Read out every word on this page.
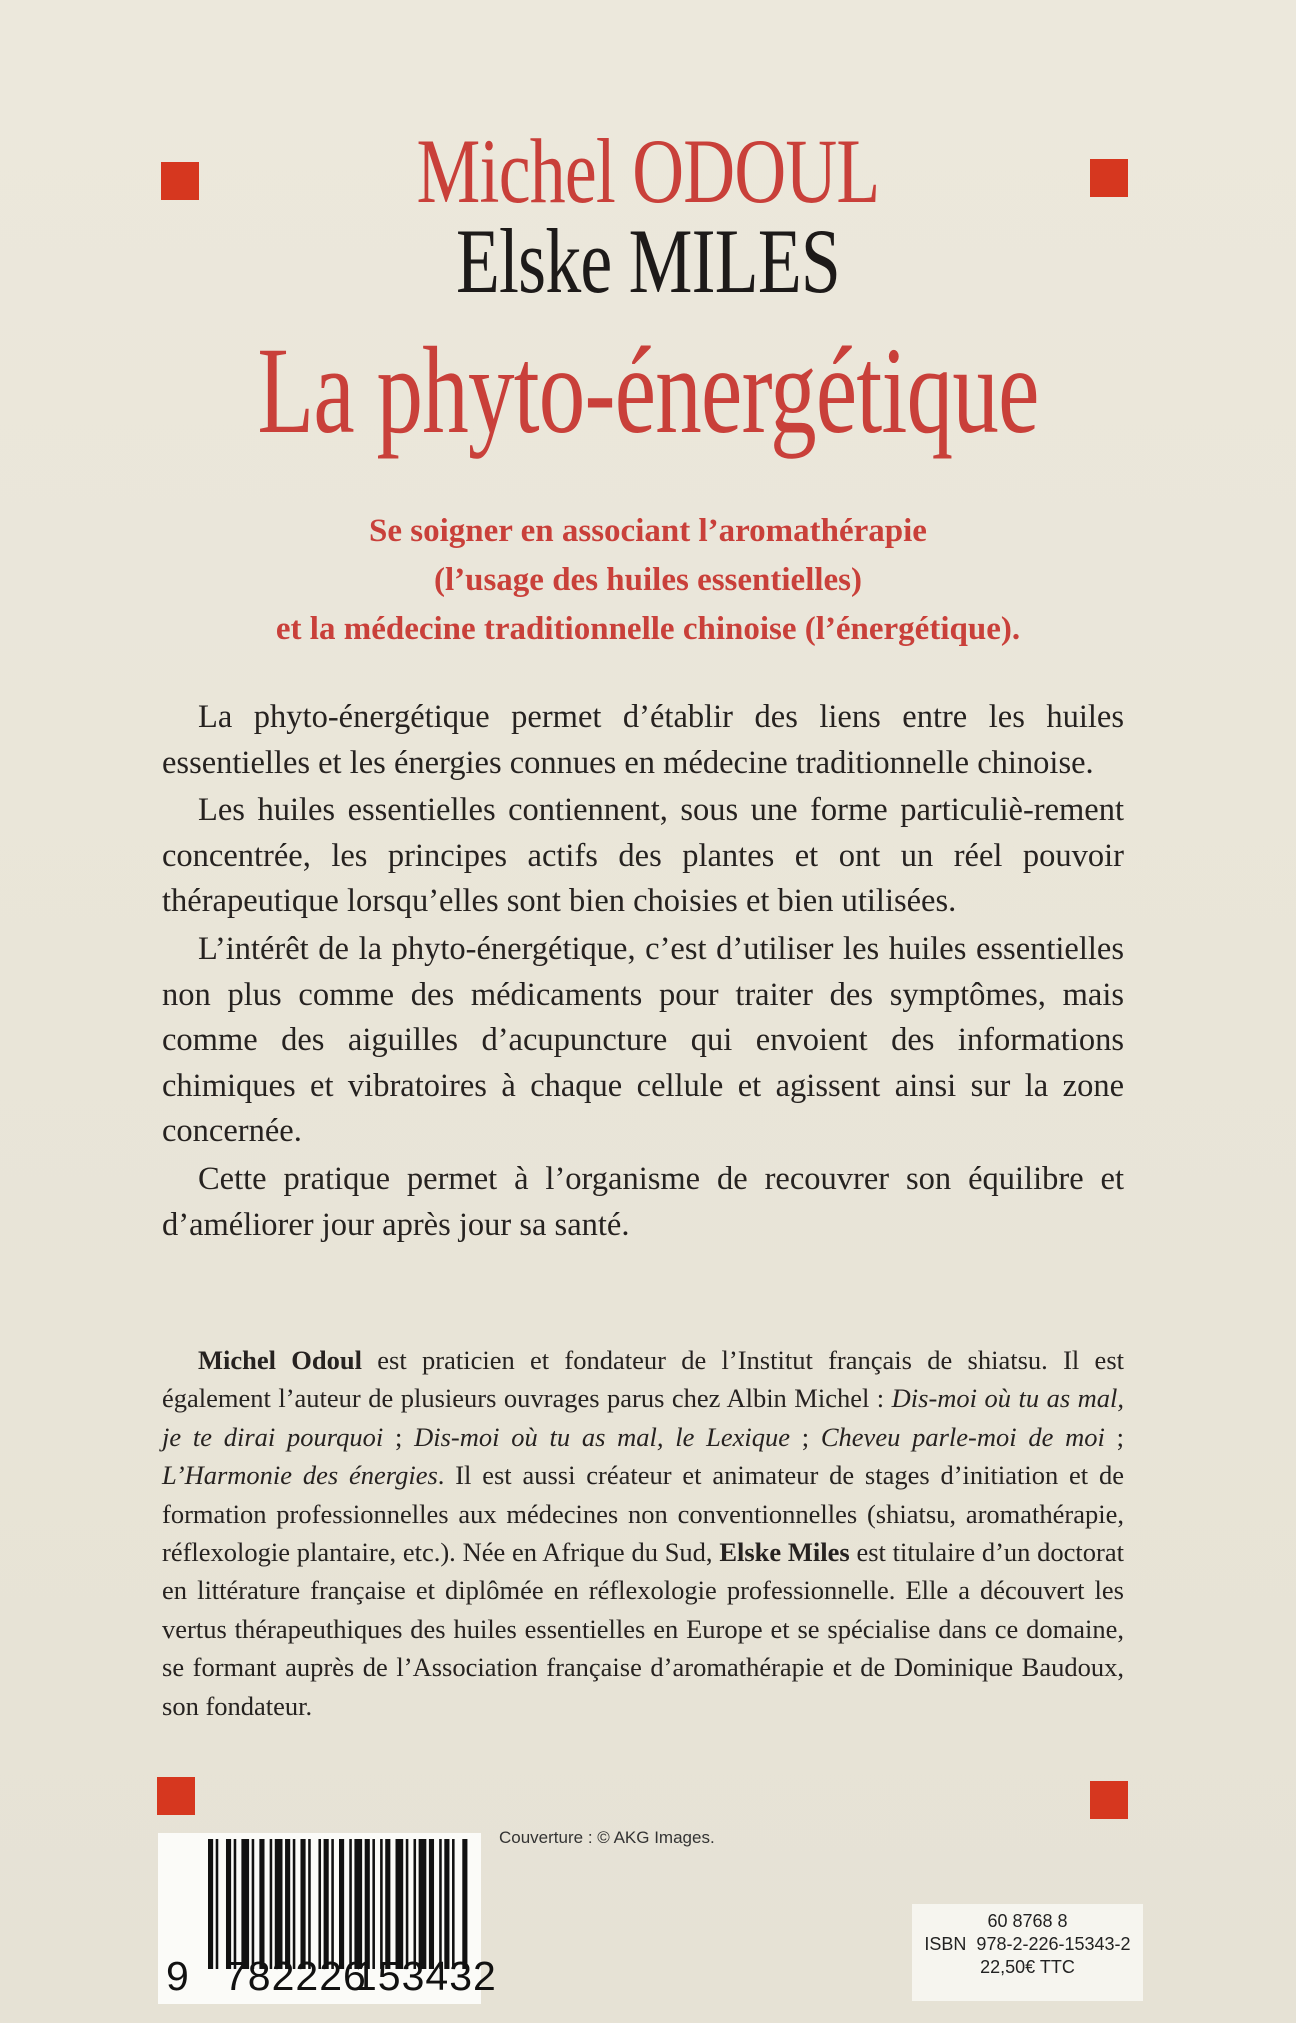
Michel ODOUL
Elske MILES
La phyto-énergétique
Se soigner en associant l’aromathérapie
(l’usage des huiles essentielles)
et la médecine traditionnelle chinoise (l’énergétique).

La phyto-énergétique permet d’établir des liens entre les huiles essentielles et les énergies connues en médecine traditionnelle chinoise.

Les huiles essentielles contiennent, sous une forme particuliè-rement concentrée, les principes actifs des plantes et ont un réel pouvoir thérapeutique lorsqu’elles sont bien choisies et bien utilisées.

L’intérêt de la phyto-énergétique, c’est d’utiliser les huiles essentielles non plus comme des médicaments pour traiter des symptômes, mais comme des aiguilles d’acupuncture qui envoient des informations chimiques et vibratoires à chaque cellule et agissent ainsi sur la zone concernée.

Cette pratique permet à l’organisme de recouvrer son équilibre et d’améliorer jour après jour sa santé.

Michel Odoul est praticien et fondateur de l’Institut français de shiatsu. Il est également l’auteur de plusieurs ouvrages parus chez Albin Michel : Dis-moi où tu as mal, je te dirai pourquoi ; Dis-moi où tu as mal, le Lexique ; Cheveu parle-moi de moi ; L’Harmonie des énergies. Il est aussi créateur et animateur de stages d’initiation et de formation professionnelles aux médecines non conventionnelles (shiatsu, aromathérapie, réflexologie plantaire, etc.). Née en Afrique du Sud, Elske Miles est titulaire d’un doctorat en littérature française et diplômée en réflexologie professionnelle. Elle a découvert les vertus thérapeuthiques des huiles essentielles en Europe et se spécialise dans ce domaine, se formant auprès de l’Association française d’aromathérapie et de Dominique Baudoux, son fondateur.
Couverture : © AKG Images.
9 782226
153432
60 8768 8
ISBN  978-2-226-15343-2
22,50€ TTC
